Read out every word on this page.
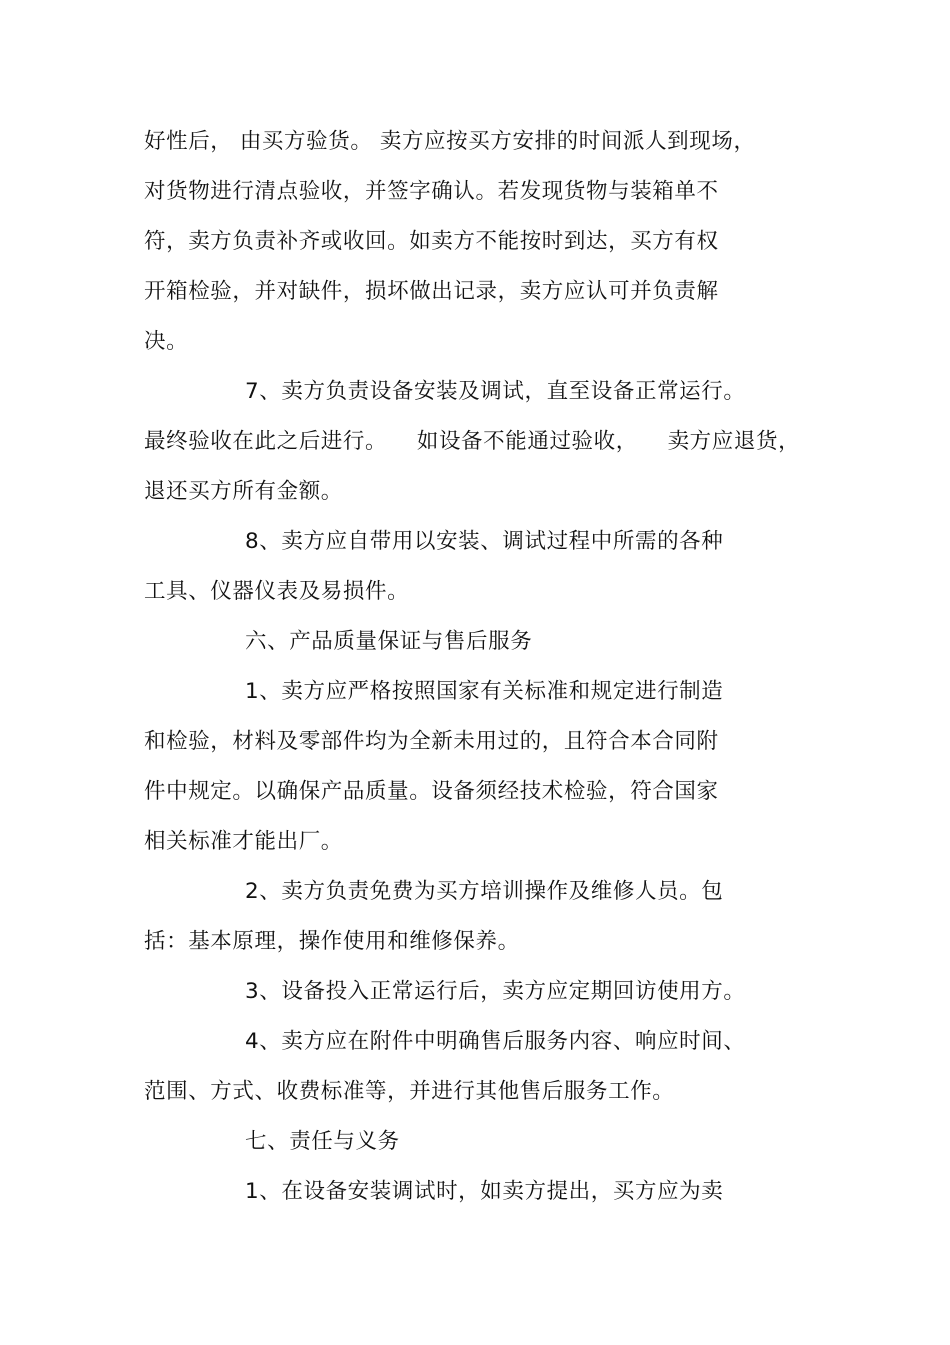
好性后， 由买方验货。 卖方应按买方安排的时间派人到现场，
对货物进行清点验收，并签字确认。若发现货物与装箱单不
符，卖方负责补齐或收回。如卖方不能按时到达，买方有权
开箱检验，并对缺件，损坏做出记录，卖方应认可并负责解
决。
7、卖方负责设备安装及调试，直至设备正常运行。
最终验收在此之后进行。    如设备不能通过验收，    卖方应退货，
退还买方所有金额。
8、卖方应自带用以安装、调试过程中所需的各种
工具、仪器仪表及易损件。
六、产品质量保证与售后服务
1、卖方应严格按照国家有关标准和规定进行制造
和检验，材料及零部件均为全新未用过的，且符合本合同附
件中规定。以确保产品质量。设备须经技术检验，符合国家
相关标准才能出厂。
2、卖方负责免费为买方培训操作及维修人员。包
括：基本原理，操作使用和维修保养。
3、设备投入正常运行后，卖方应定期回访使用方。
4、卖方应在附件中明确售后服务内容、响应时间、
范围、方式、收费标准等，并进行其他售后服务工作。
七、责任与义务
1、在设备安装调试时，如卖方提出，买方应为卖
